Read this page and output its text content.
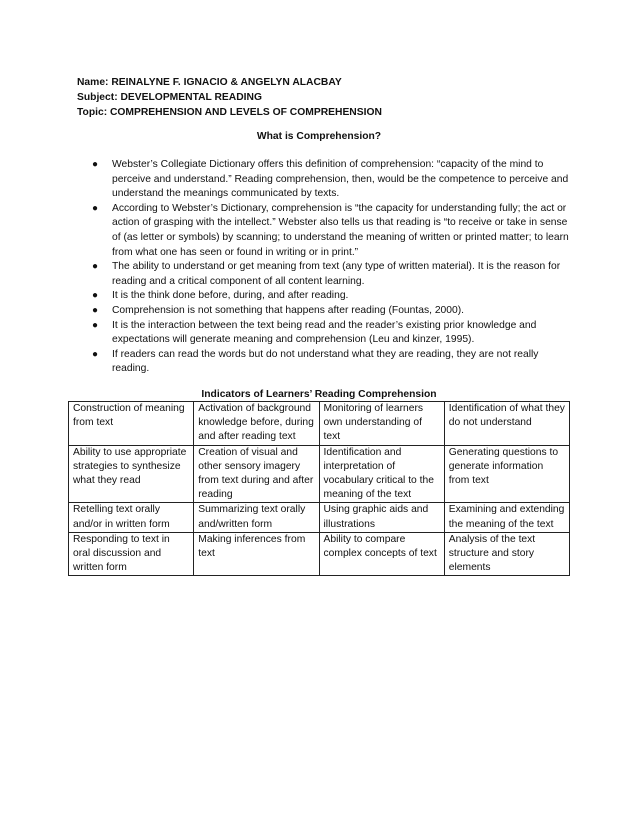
Name: REINALYNE F. IGNACIO & ANGELYN ALACBAY
Subject: DEVELOPMENTAL READING
Topic: COMPREHENSION AND LEVELS OF COMPREHENSION
What is Comprehension?
● Webster’s Collegiate Dictionary offers this definition of comprehension: “capacity of the mind to perceive and understand.” Reading comprehension, then, would be the competence to perceive and understand the meanings communicated by texts.
● According to Webster’s Dictionary, comprehension is “the capacity for understanding fully; the act or action of grasping with the intellect.” Webster also tells us that reading is “to receive or take in sense of (as letter or symbols) by scanning; to understand the meaning of written or printed matter; to learn from what one has seen or found in writing or in print.”
● The ability to understand or get meaning from text (any type of written material). It is the reason for reading and a critical component of all content learning.
● It is the think done before, during, and after reading.
● Comprehension is not something that happens after reading (Fountas, 2000).
● It is the interaction between the text being read and the reader’s existing prior knowledge and expectations will generate meaning and comprehension (Leu and kinzer, 1995).
● If readers can read the words but do not understand what they are reading, they are not really reading.
Indicators of Learners’ Reading Comprehension
Construction of meaning from text	Activation of background knowledge before, during and after reading text	Monitoring of learners own understanding of text	Identification of what they do not understand
Ability to use appropriate strategies to synthesize what they read	Creation of visual and other sensory imagery from text during and after reading	Identification and interpretation of vocabulary critical to the meaning of the text	Generating questions to generate information from text
Retelling text orally and/or in written form	Summarizing text orally and/written form	Using graphic aids and illustrations	Examining and extending the meaning of the text
Responding to text in oral discussion and written form	Making inferences from text	Ability to compare complex concepts of text	Analysis of the text structure and story elements
